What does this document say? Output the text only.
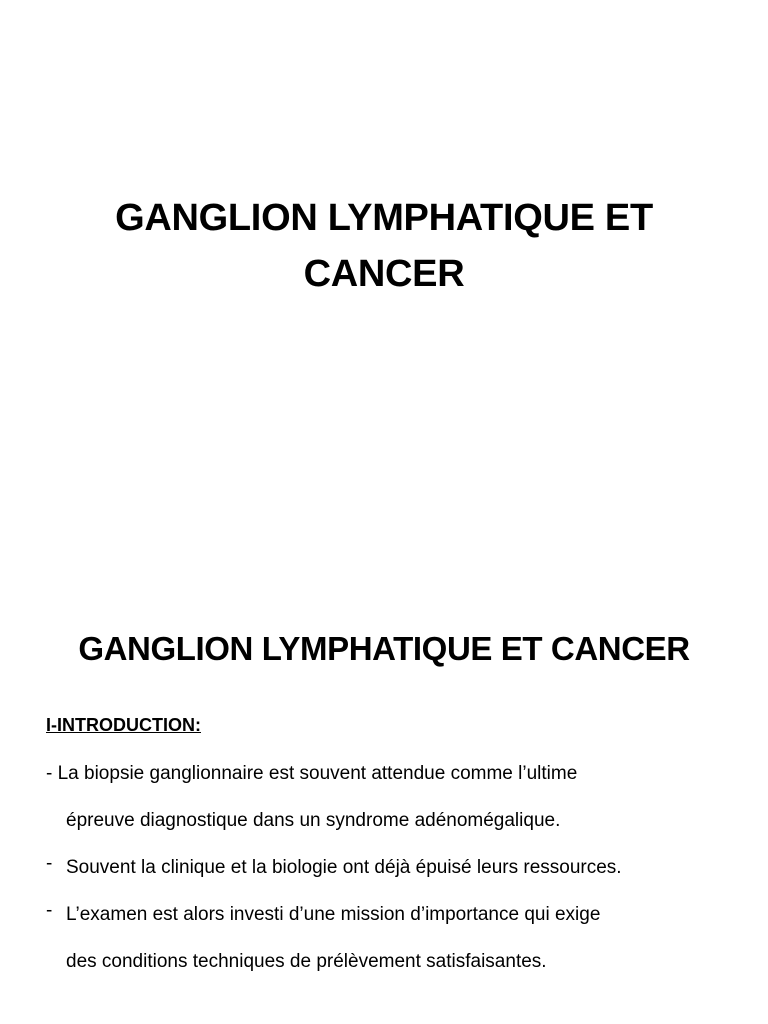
GANGLION LYMPHATIQUE ET
CANCER
GANGLION LYMPHATIQUE ET CANCER
I-INTRODUCTION:
- La biopsie ganglionnaire est souvent attendue comme l’ultime
épreuve diagnostique dans un syndrome adénomégalique.
- Souvent la clinique et la biologie ont déjà épuisé leurs ressources.
- L’examen est alors investi d’une mission d’importance qui exige
des conditions techniques de prélèvement satisfaisantes.
